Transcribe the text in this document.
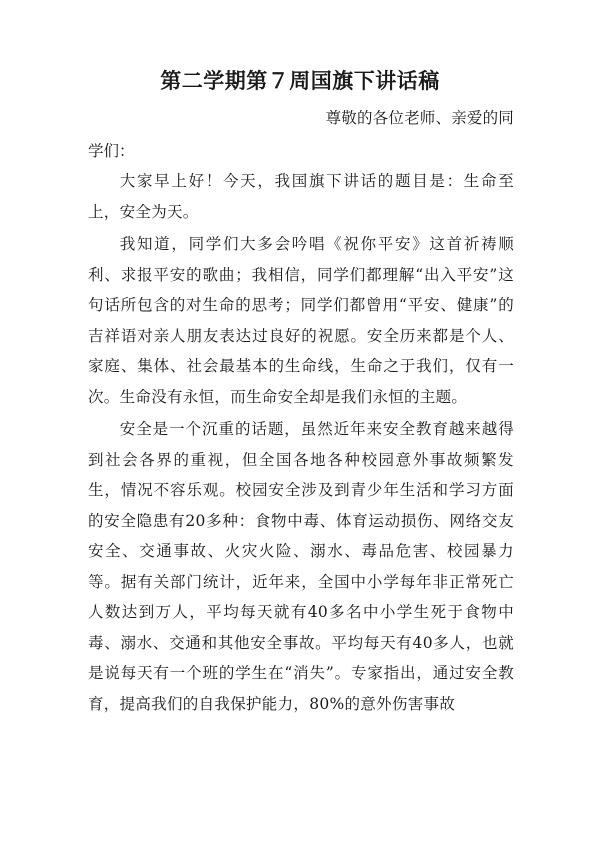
第二学期第７周国旗下讲话稿

尊敬的各位老师、亲爱的同

学们：

大家早上好！今天，我国旗下讲话的题目是：生命至上，安全为天。

我知道，同学们大多会吟唱《祝你平安》这首祈祷顺利、求报平安的歌曲；我相信，同学们都理解“出入平安”这句话所包含的对生命的思考；同学们都曾用“平安、健康”的吉祥语对亲人朋友表达过良好的祝愿。安全历来都是个人、家庭、集体、社会最基本的生命线，生命之于我们，仅有一次。生命没有永恒，而生命安全却是我们永恒的主题。

安全是一个沉重的话题，虽然近年来安全教育越来越得到社会各界的重视，但全国各地各种校园意外事故频繁发生，情况不容乐观。校园安全涉及到青少年生活和学习方面的安全隐患有20多种：食物中毒、体育运动损伤、网络交友安全、交通事故、火灾火险、溺水、毒品危害、校园暴力等。据有关部门统计，近年来，全国中小学每年非正常死亡人数达到万人，平均每天就有40多名中小学生死于食物中毒、溺水、交通和其他安全事故。平均每天有40多人，也就是说每天有一个班的学生在“消失”。专家指出，通过安全教育，提高我们的自我保护能力，80%的意外伤害事故
